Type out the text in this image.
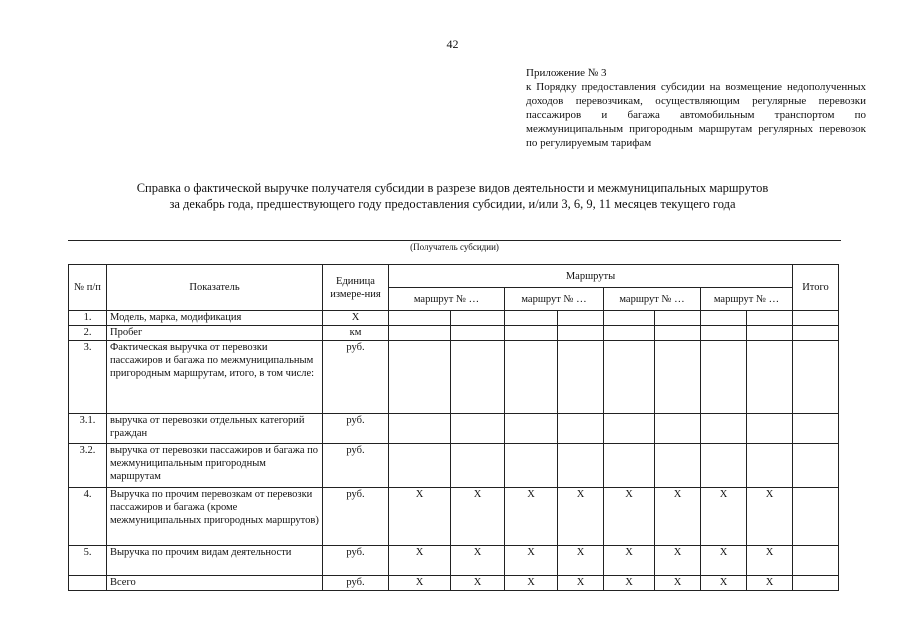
42
Приложение № 3
к Порядку предоставления субсидии на возмещение недополученных доходов перевозчикам, осуществляющим регулярные перевозки пассажиров и багажа автомобильным транспортом по межмуниципальным пригородным маршрутам регулярных перевозок по регулируемым тарифам
Справка о фактической выручке получателя субсидии в разрезе видов деятельности и межмуниципальных маршрутов
за декабрь года, предшествующего году предоставления субсидии, и/или 3, 6, 9, 11 месяцев текущего года
(Получатель субсидии)
№ п/п	Показатель	Единица измере-ния	Маршруты								Итого
			маршрут № …		маршрут № …		маршрут № …		маршрут № …		
1.	Модель, марка, модификация	X									
2.	Пробег	км									
3.	Фактическая выручка от перевозки пассажиров и багажа по межмуниципальным пригородным маршрутам, итого, в том числе:	руб.									
3.1.	выручка от перевозки отдельных категорий граждан	руб.									
3.2.	выручка от перевозки пассажиров и багажа по межмуниципальным пригородным маршрутам	руб.									
4.	Выручка по прочим перевозкам от перевозки пассажиров и багажа (кроме межмуниципальных пригородных маршрутов)	руб.	X	X	X	X	X	X	X	X	
5.	Выручка по прочим видам деятельности	руб.	X	X	X	X	X	X	X	X	
	Всего	руб.	X	X	X	X	X	X	X	X	
